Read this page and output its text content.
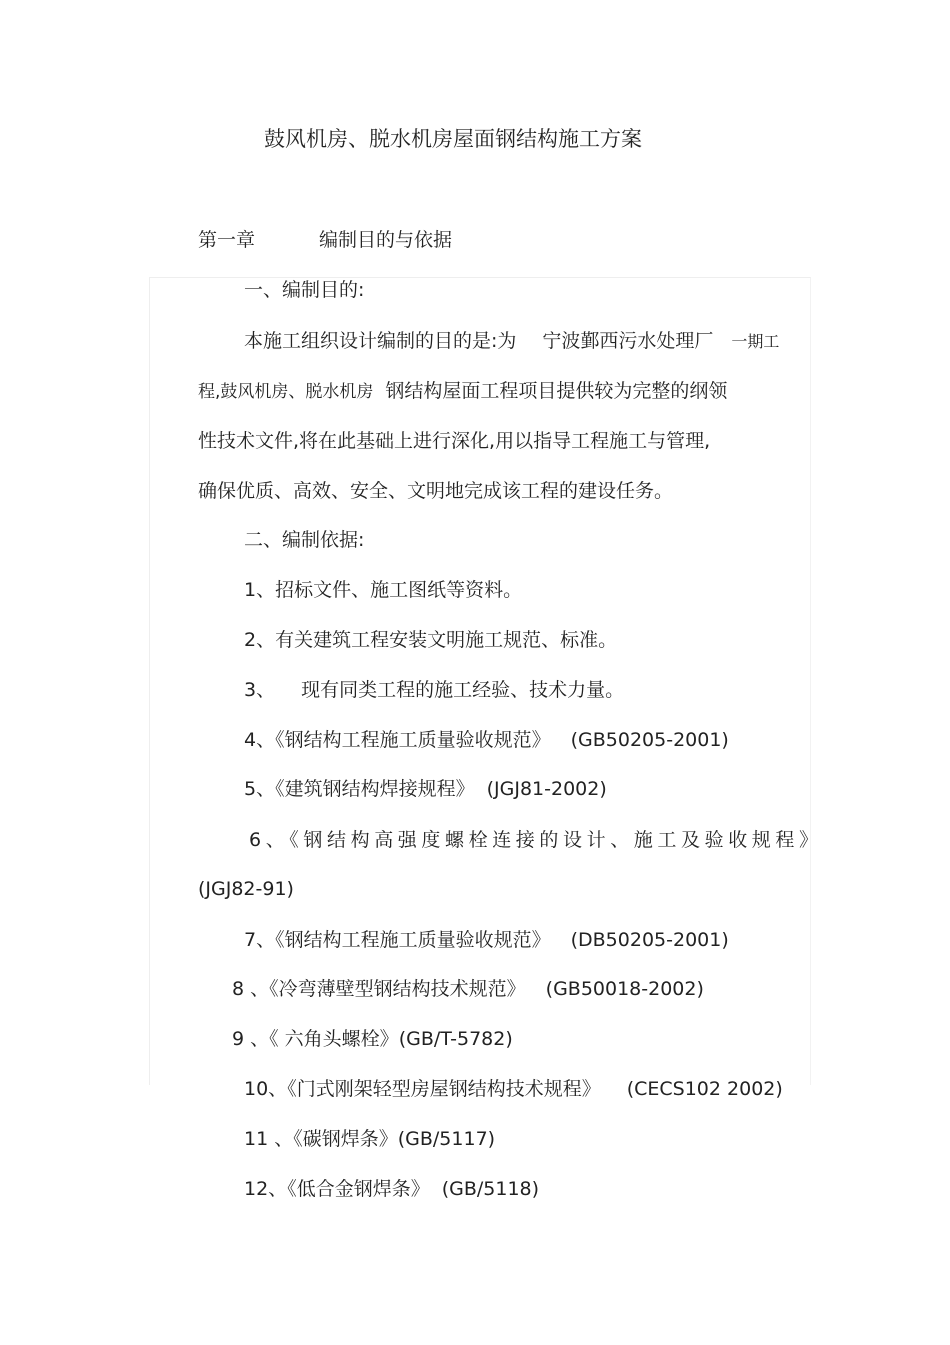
鼓风机房、脱水机房屋面钢结构施工方案
第一章	编制目的与依据
一、编制目的:
本施工组织设计编制的目的是:为 宁波鄞西污水处理厂 一期工
程,鼓风机房、脱水机房 钢结构屋面工程项目提供较为完整的纲领
性技术文件,将在此基础上进行深化,用以指导工程施工与管理,
确保优质、高效、安全、文明地完成该工程的建设任务。
二、编制依据:
1、招标文件、施工图纸等资料。
2、有关建筑工程安装文明施工规范、标准。
3、 现有同类工程的施工经验、技术力量。
4、《钢结构工程施工质量验收规范》 (GB50205-2001)
5、《建筑钢结构焊接规程》 (JGJ81-2002)
6、《钢结构高强度螺栓连接的设计、施工及验收规程》
(JGJ82-91)
7、《钢结构工程施工质量验收规范》 (DB50205-2001)
8 、《冷弯薄壁型钢结构技术规范》 (GB50018-2002)
9 、《 六角头螺栓》(GB/T-5782)
10、《门式刚架轻型房屋钢结构技术规程》 (CECS102 2002)
11 、《碳钢焊条》(GB/5117)
12、《低合金钢焊条》 (GB/5118)
